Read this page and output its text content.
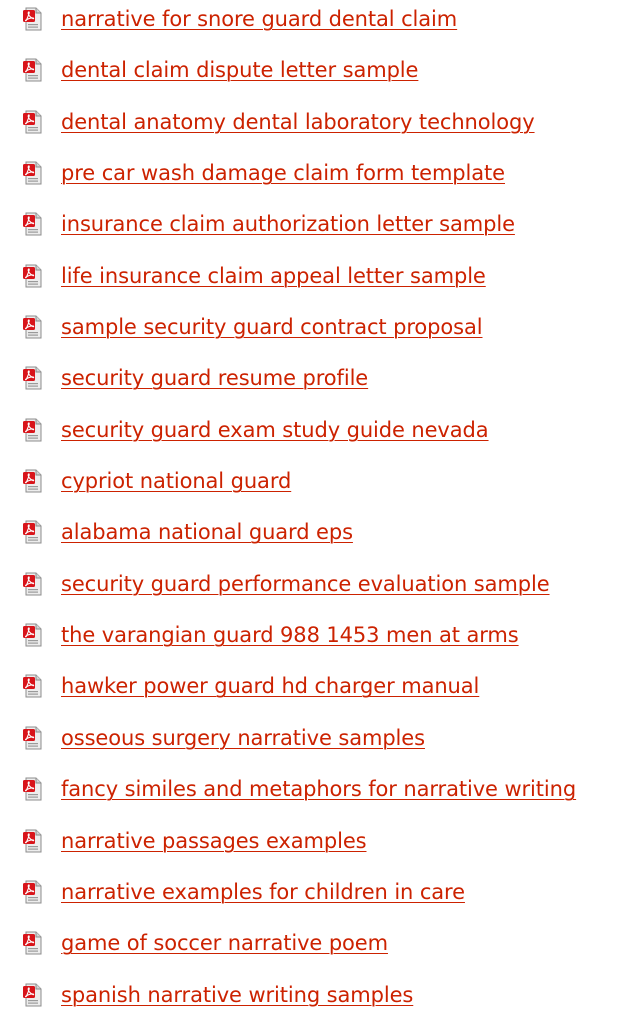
narrative for snore guard dental claim
dental claim dispute letter sample
dental anatomy dental laboratory technology
pre car wash damage claim form template
insurance claim authorization letter sample
life insurance claim appeal letter sample
sample security guard contract proposal
security guard resume profile
security guard exam study guide nevada
cypriot national guard
alabama national guard eps
security guard performance evaluation sample
the varangian guard 988 1453 men at arms
hawker power guard hd charger manual
osseous surgery narrative samples
fancy similes and metaphors for narrative writing
narrative passages examples
narrative examples for children in care
game of soccer narrative poem
spanish narrative writing samples
